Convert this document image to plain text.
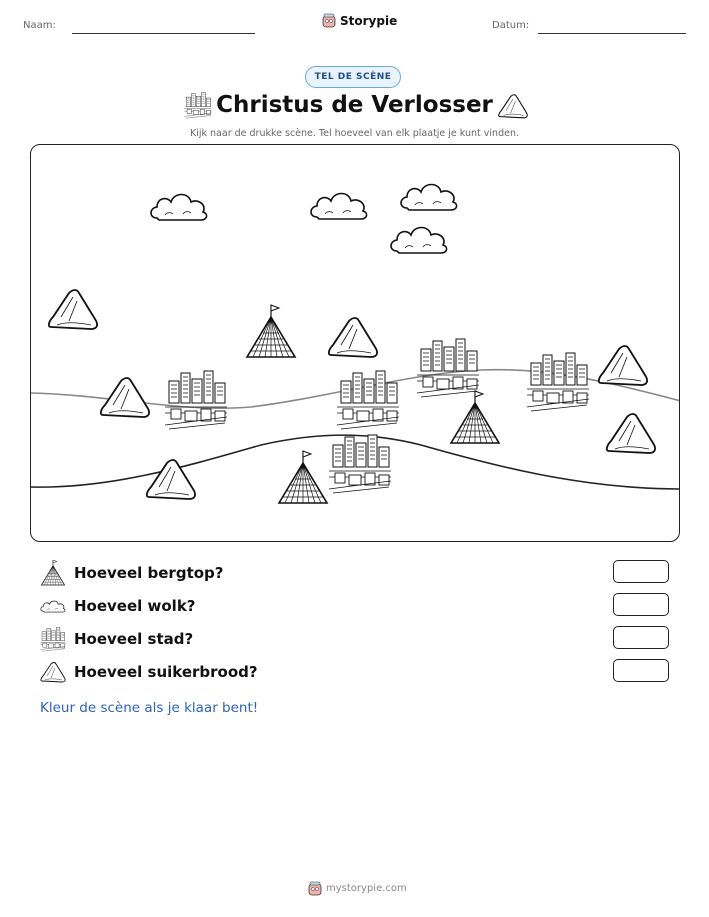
Naam:	Storypie	Datum:
TEL DE SCÈNE
Christus de Verlosser
Kijk naar de drukke scène. Tel hoeveel van elk plaatje je kunt vinden.
Hoeveel bergtop?
Hoeveel wolk?
Hoeveel stad?
Hoeveel suikerbrood?
Kleur de scène als je klaar bent!
mystorypie.com
